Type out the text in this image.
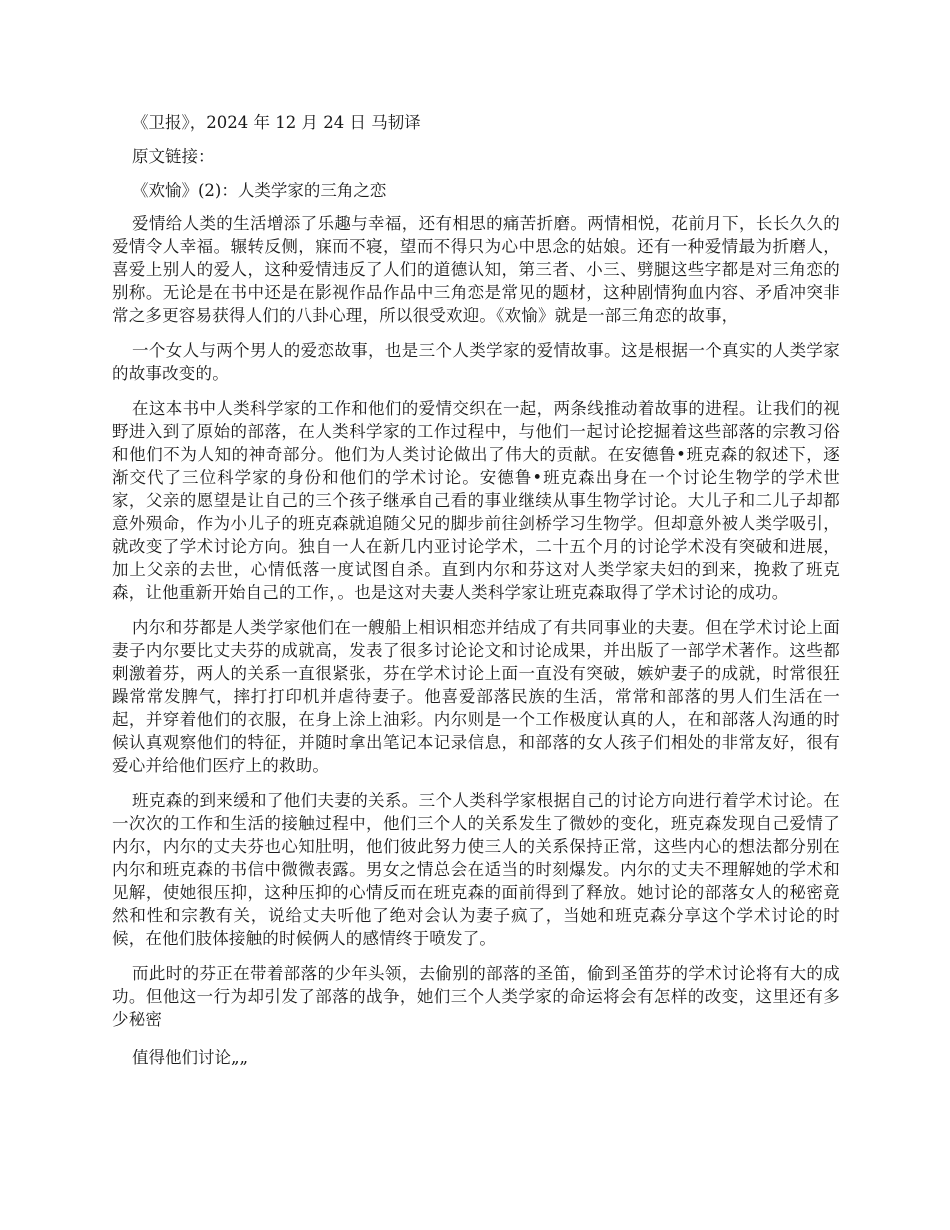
《卫报》，2024 年 12 月 24 日 马韧译

原文链接：

《欢愉》(2)：人类学家的三角之恋

爱情给人类的生活增添了乐趣与幸福，还有相思的痛苦折磨。两情相悦，花前月下，长长久久的爱情令人幸福。辗转反侧，寐而不寝，望而不得只为心中思念的姑娘。还有一种爱情最为折磨人，喜爱上别人的爱人，这种爱情违反了人们的道德认知，第三者、小三、劈腿这些字都是对三角恋的别称。无论是在书中还是在影视作品作品中三角恋是常见的题材，这种剧情狗血内容、矛盾冲突非常之多更容易获得人们的八卦心理，所以很受欢迎。《欢愉》就是一部三角恋的故事，

一个女人与两个男人的爱恋故事，也是三个人类学家的爱情故事。这是根据一个真实的人类学家的故事改变的。

在这本书中人类科学家的工作和他们的爱情交织在一起，两条线推动着故事的进程。让我们的视野进入到了原始的部落，在人类科学家的工作过程中，与他们一起讨论挖掘着这些部落的宗教习俗和他们不为人知的神奇部分。他们为人类讨论做出了伟大的贡献。在安德鲁•班克森的叙述下，逐渐交代了三位科学家的身份和他们的学术讨论。安德鲁•班克森出身在一个讨论生物学的学术世家，父亲的愿望是让自己的三个孩子继承自己看的事业继续从事生物学讨论。大儿子和二儿子却都意外殒命，作为小儿子的班克森就追随父兄的脚步前往剑桥学习生物学。但却意外被人类学吸引，就改变了学术讨论方向。独自一人在新几内亚讨论学术，二十五个月的讨论学术没有突破和进展，加上父亲的去世，心情低落一度试图自杀。直到内尔和芬这对人类学家夫妇的到来，挽救了班克森，让他重新开始自己的工作，。也是这对夫妻人类科学家让班克森取得了学术讨论的成功。

内尔和芬都是人类学家他们在一艘船上相识相恋并结成了有共同事业的夫妻。但在学术讨论上面妻子内尔要比丈夫芬的成就高，发表了很多讨论论文和讨论成果，并出版了一部学术著作。这些都刺激着芬，两人的关系一直很紧张，芬在学术讨论上面一直没有突破，嫉妒妻子的成就，时常很狂躁常常发脾气，摔打打印机并虐待妻子。他喜爱部落民族的生活，常常和部落的男人们生活在一起，并穿着他们的衣服，在身上涂上油彩。内尔则是一个工作极度认真的人，在和部落人沟通的时候认真观察他们的特征，并随时拿出笔记本记录信息，和部落的女人孩子们相处的非常友好，很有爱心并给他们医疗上的救助。

班克森的到来缓和了他们夫妻的关系。三个人类科学家根据自己的讨论方向进行着学术讨论。在一次次的工作和生活的接触过程中，他们三个人的关系发生了微妙的变化，班克森发现自己爱情了内尔，内尔的丈夫芬也心知肚明，他们彼此努力使三人的关系保持正常，这些内心的想法都分别在内尔和班克森的书信中微微表露。男女之情总会在适当的时刻爆发。内尔的丈夫不理解她的学术和见解，使她很压抑，这种压抑的心情反而在班克森的面前得到了释放。她讨论的部落女人的秘密竟然和性和宗教有关，说给丈夫听他了绝对会认为妻子疯了，当她和班克森分享这个学术讨论的时候，在他们肢体接触的时候俩人的感情终于喷发了。

而此时的芬正在带着部落的少年头领，去偷别的部落的圣笛，偷到圣笛芬的学术讨论将有大的成功。但他这一行为却引发了部落的战争，她们三个人类学家的命运将会有怎样的改变，这里还有多少秘密

值得他们讨论„„
